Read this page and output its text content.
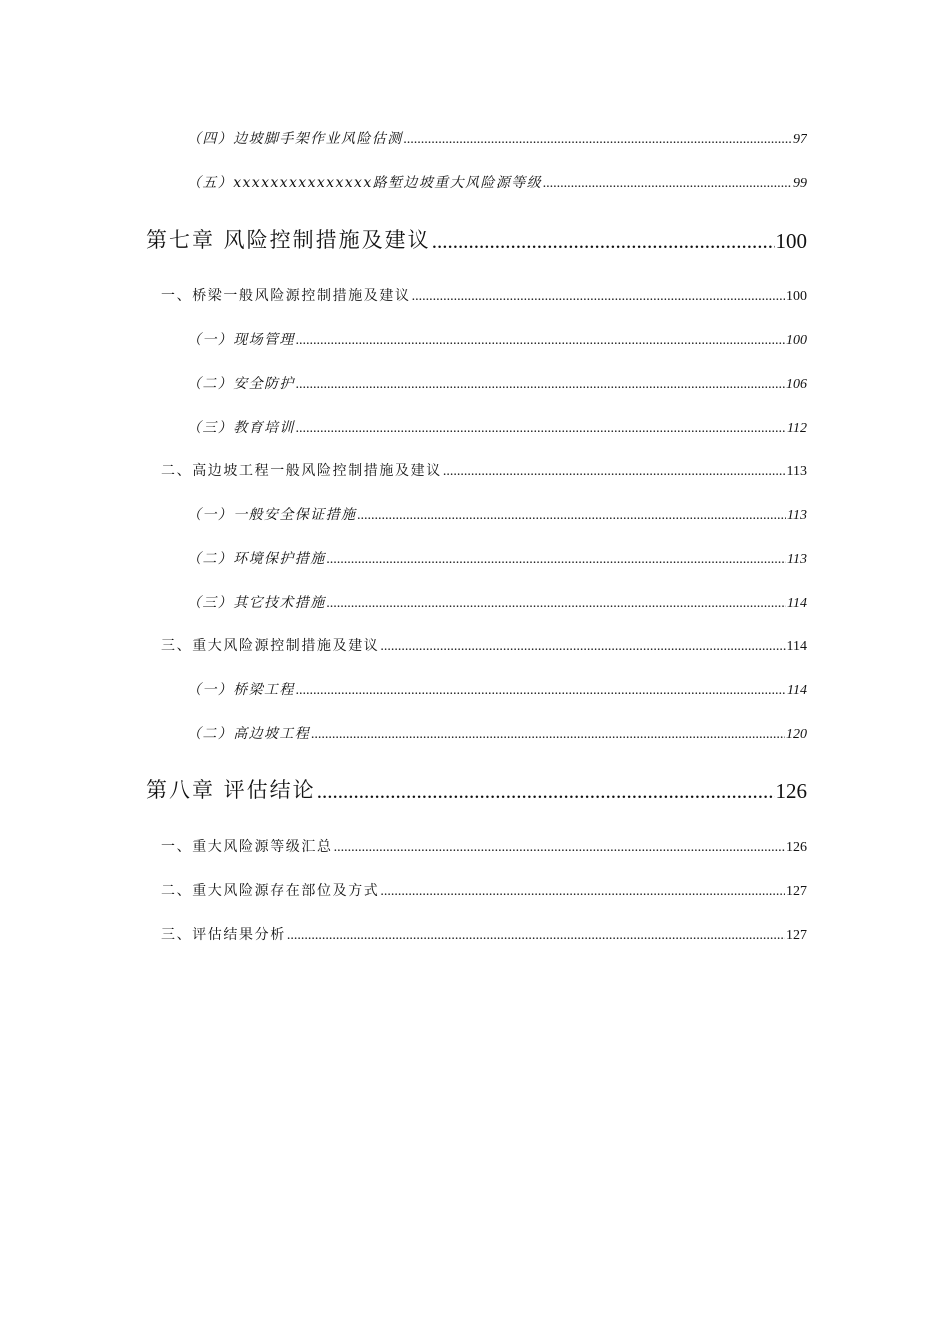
（四）边坡脚手架作业风险估测 .....	97
（五）xxxxxxxxxxxxxxx路堑边坡重大风险源等级 .....	99
第七章 风险控制措施及建议 .....	100
一、桥梁一般风险源控制措施及建议 .....	100
（一）现场管理 .....	100
（二）安全防护 .....	106
（三）教育培训 .....	112
二、高边坡工程一般风险控制措施及建议 .....	113
（一）一般安全保证措施 .....	113
（二）环境保护措施 .....	113
（三）其它技术措施 .....	114
三、重大风险源控制措施及建议 .....	114
（一）桥梁工程 .....	114
（二）高边坡工程 .....	120
第八章 评估结论 .....	126
一、重大风险源等级汇总 .....	126
二、重大风险源存在部位及方式 .....	127
三、评估结果分析 .....	127
